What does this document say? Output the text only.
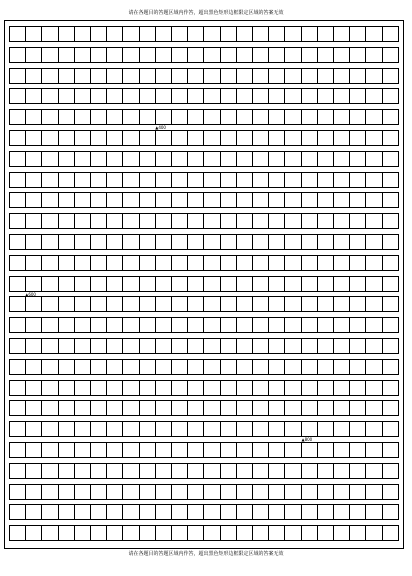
请在各题目的答题区域内作答，超出黑色矩形边框限定区域的答案无效
▲400
▲600
▲800
请在各题目的答题区域内作答，超出黑色矩形边框限定区域的答案无效
